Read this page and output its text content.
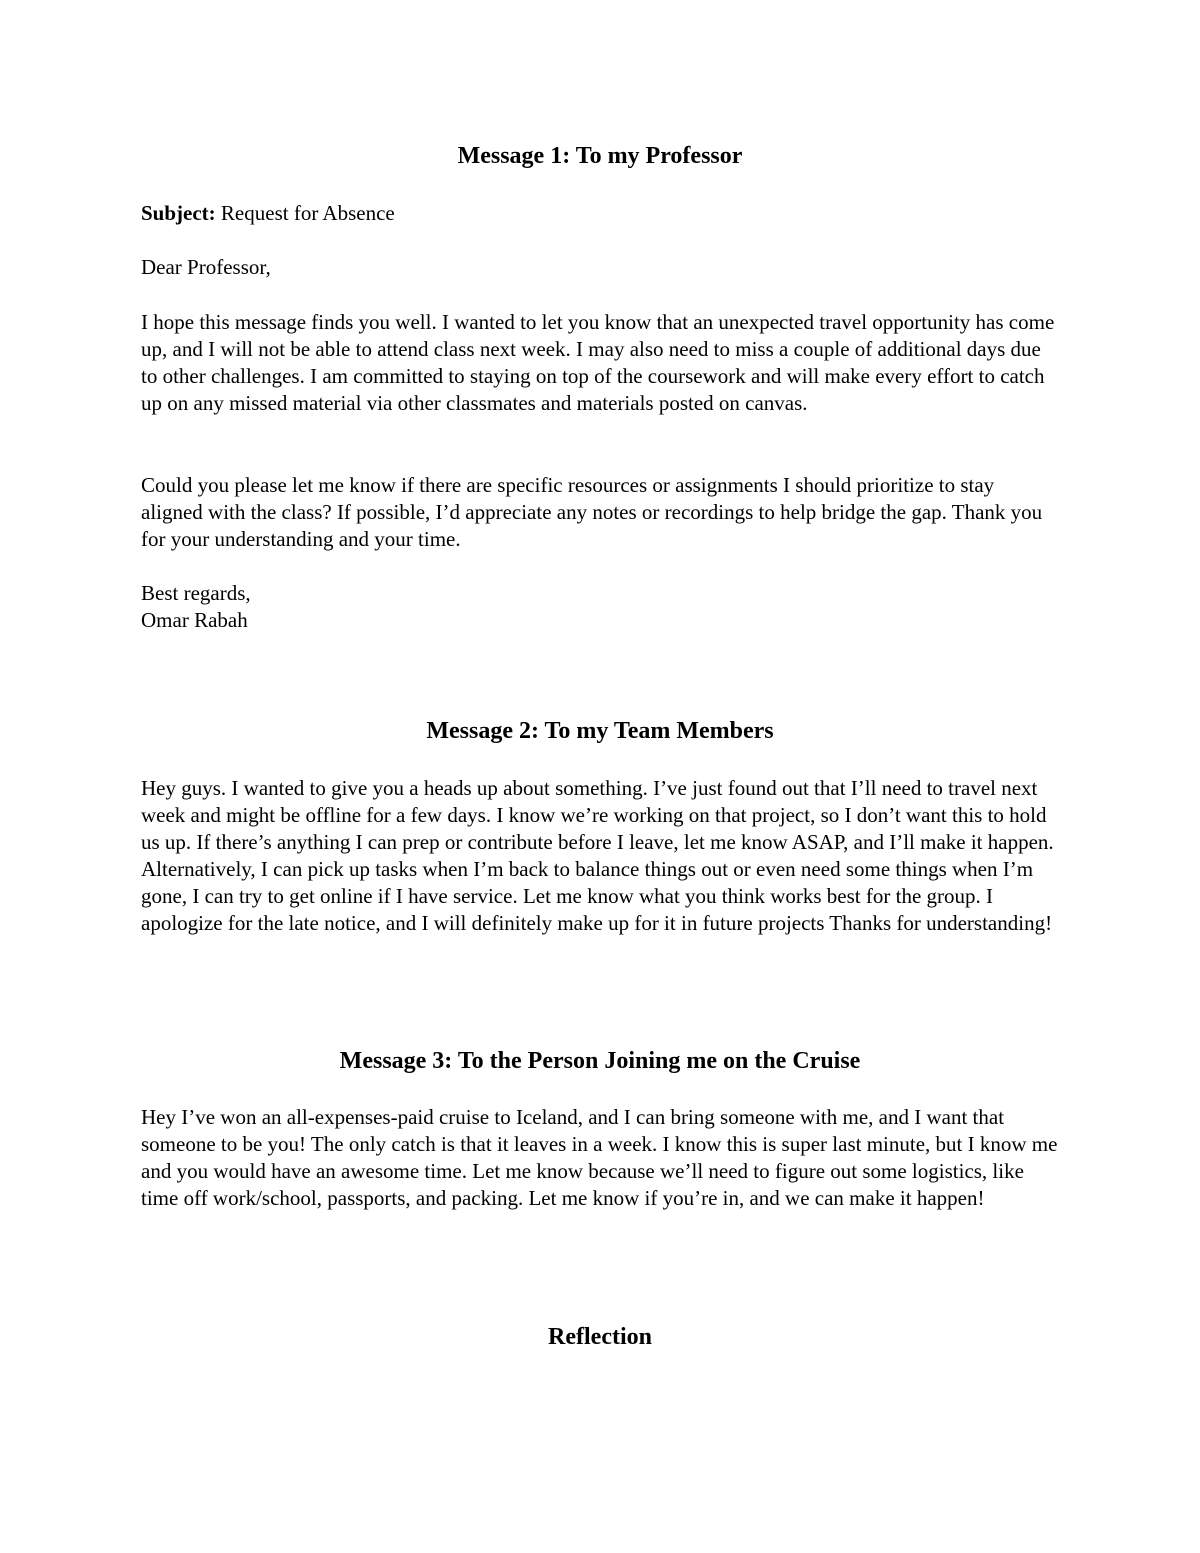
Message 1: To my Professor

Subject: Request for Absence

Dear Professor,

I hope this message finds you well. I wanted to let you know that an unexpected travel opportunity has come up, and I will not be able to attend class next week. I may also need to miss a couple of additional days due to other challenges. I am committed to staying on top of the coursework and will make every effort to catch up on any missed material via other classmates and materials posted on canvas.

Could you please let me know if there are specific resources or assignments I should prioritize to stay aligned with the class? If possible, I’d appreciate any notes or recordings to help bridge the gap. Thank you for your understanding and your time.

Best regards,

Omar Rabah

Message 2: To my Team Members

Hey guys. I wanted to give you a heads up about something. I’ve just found out that I’ll need to travel next week and might be offline for a few days. I know we’re working on that project, so I don’t want this to hold us up. If there’s anything I can prep or contribute before I leave, let me know ASAP, and I’ll make it happen. Alternatively, I can pick up tasks when I’m back to balance things out or even need some things when I’m gone, I can try to get online if I have service. Let me know what you think works best for the group. I apologize for the late notice, and I will definitely make up for it in future projects Thanks for understanding!

Message 3: To the Person Joining me on the Cruise

Hey I’ve won an all-expenses-paid cruise to Iceland, and I can bring someone with me, and I want that someone to be you! The only catch is that it leaves in a week. I know this is super last minute, but I know me and you would have an awesome time. Let me know because we’ll need to figure out some logistics, like time off work/school, passports, and packing. Let me know if you’re in, and we can make it happen!

Reflection
